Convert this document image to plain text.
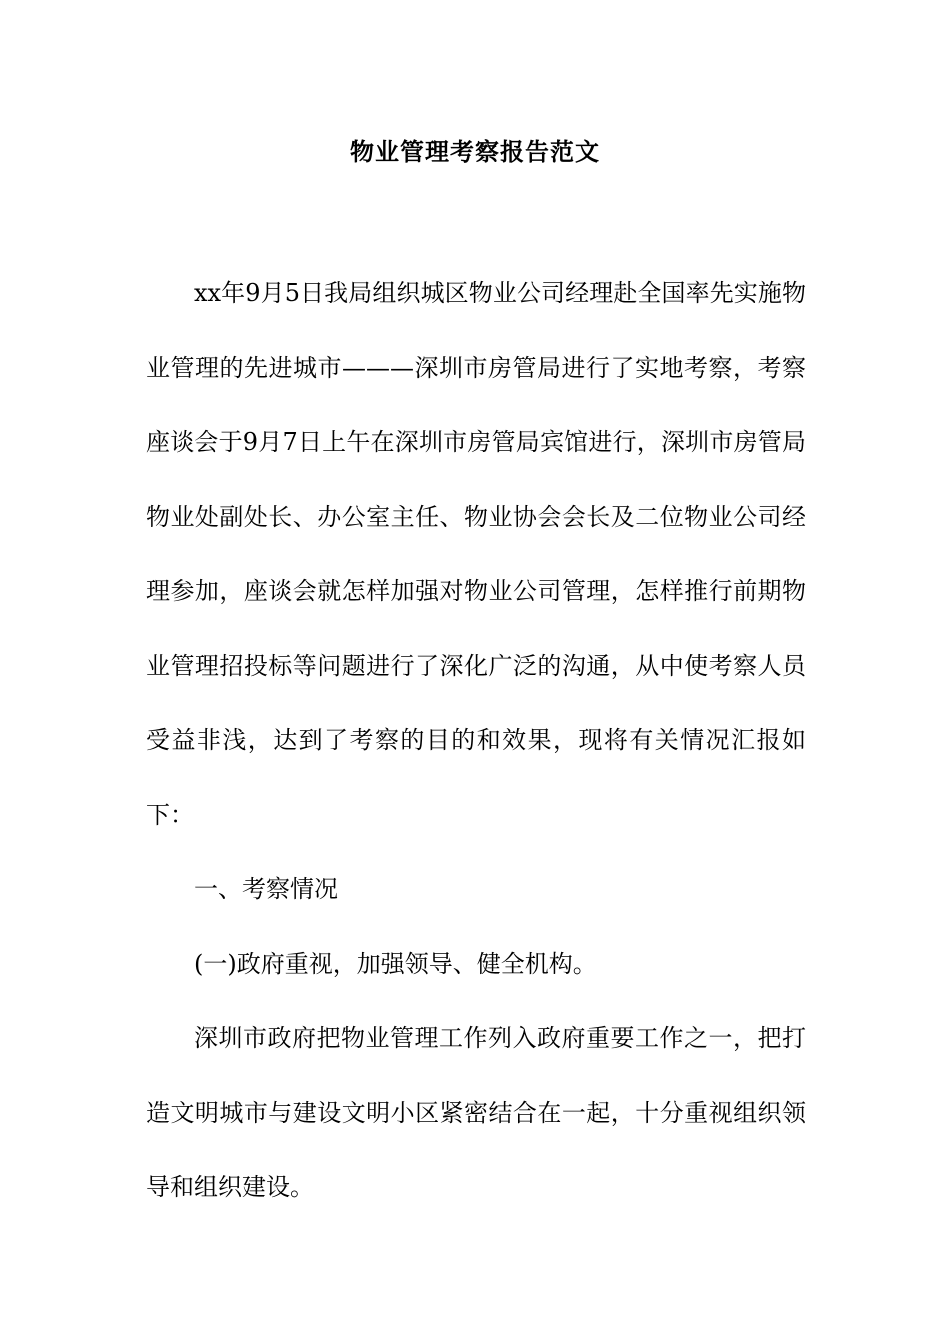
物业管理考察报告范文

xx年9月5日我局组织城区物业公司经理赴全国率先实施物业管理的先进城市———深圳市房管局进行了实地考察，考察座谈会于9月7日上午在深圳市房管局宾馆进行，深圳市房管局物业处副处长、办公室主任、物业协会会长及二位物业公司经理参加，座谈会就怎样加强对物业公司管理，怎样推行前期物业管理招投标等问题进行了深化广泛的沟通，从中使考察人员受益非浅，达到了考察的目的和效果，现将有关情况汇报如下：

一、考察情况

(一)政府重视，加强领导、健全机构。

深圳市政府把物业管理工作列入政府重要工作之一，把打造文明城市与建设文明小区紧密结合在一起，十分重视组织领导和组织建设。
